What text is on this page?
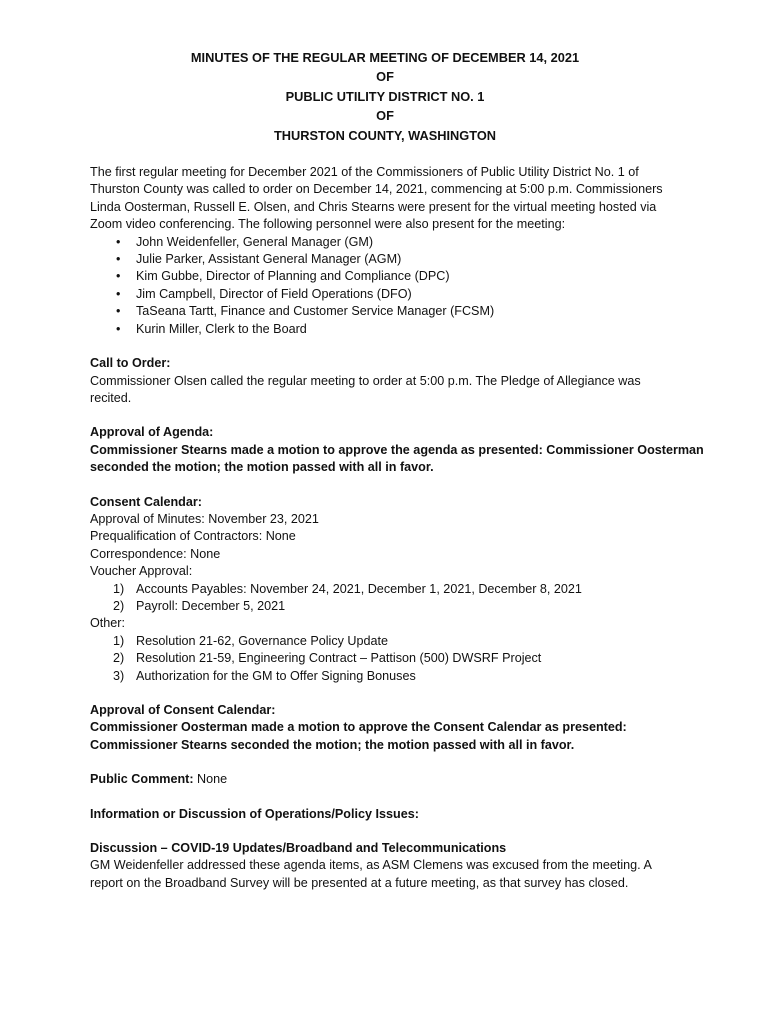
MINUTES OF THE REGULAR MEETING OF DECEMBER 14, 2021
OF
PUBLIC UTILITY DISTRICT NO. 1
OF
THURSTON COUNTY, WASHINGTON
The first regular meeting for December 2021 of the Commissioners of Public Utility District No. 1 of
Thurston County was called to order on December 14, 2021, commencing at 5:00 p.m. Commissioners
Linda Oosterman, Russell E. Olsen, and Chris Stearns were present for the virtual meeting hosted via
Zoom video conferencing. The following personnel were also present for the meeting:
• John Weidenfeller, General Manager (GM)
• Julie Parker, Assistant General Manager (AGM)
• Kim Gubbe, Director of Planning and Compliance (DPC)
• Jim Campbell, Director of Field Operations (DFO)
• TaSeana Tartt, Finance and Customer Service Manager (FCSM)
• Kurin Miller, Clerk to the Board
Call to Order:
Commissioner Olsen called the regular meeting to order at 5:00 p.m. The Pledge of Allegiance was
recited.
Approval of Agenda:
Commissioner Stearns made a motion to approve the agenda as presented: Commissioner Oosterman
seconded the motion; the motion passed with all in favor.
Consent Calendar:
Approval of Minutes: November 23, 2021
Prequalification of Contractors: None
Correspondence: None
Voucher Approval:
1) Accounts Payables: November 24, 2021, December 1, 2021, December 8, 2021
2) Payroll: December 5, 2021
Other:
1) Resolution 21-62, Governance Policy Update
2) Resolution 21-59, Engineering Contract – Pattison (500) DWSRF Project
3) Authorization for the GM to Offer Signing Bonuses
Approval of Consent Calendar:
Commissioner Oosterman made a motion to approve the Consent Calendar as presented:
Commissioner Stearns seconded the motion; the motion passed with all in favor.
Public Comment: None
Information or Discussion of Operations/Policy Issues:
Discussion – COVID-19 Updates/Broadband and Telecommunications
GM Weidenfeller addressed these agenda items, as ASM Clemens was excused from the meeting. A
report on the Broadband Survey will be presented at a future meeting, as that survey has closed.
